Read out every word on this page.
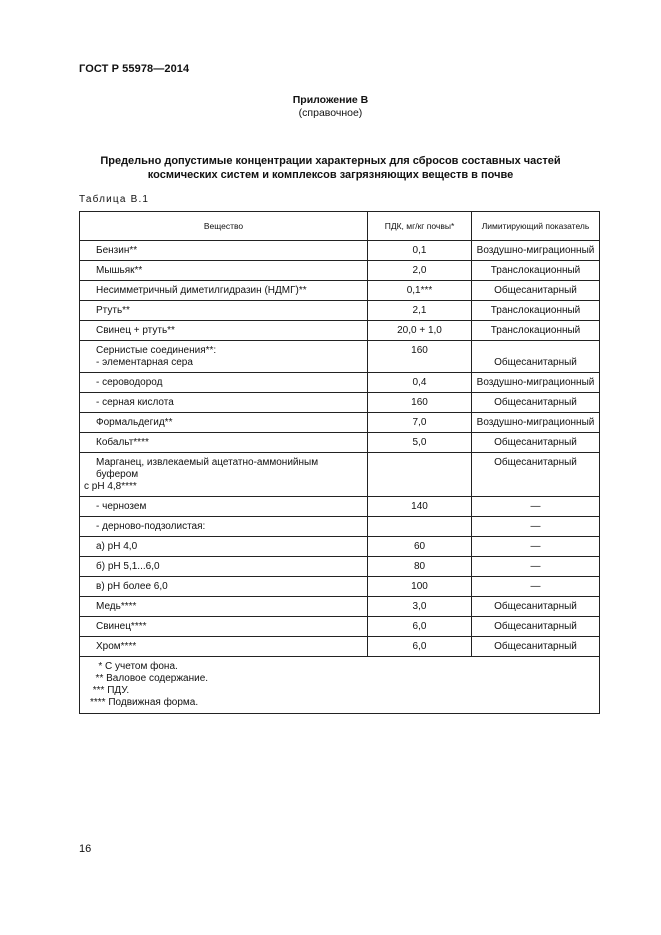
ГОСТ Р 55978—2014
Приложение В
(справочное)
Предельно допустимые концентрации характерных для сбросов составных частей
космических систем и комплексов загрязняющих веществ в почве
Таблица В.1
Вещество	ПДК, мг/кг почвы*	Лимитирующий показатель
Бензин**	0,1	Воздушно-миграционный
Мышьяк**	2,0	Транслокационный
Несимметричный диметилгидразин (НДМГ)**	0,1***	Общесанитарный
Ртуть**	2,1	Транслокационный
Свинец + ртуть**	20,0 + 1,0	Транслокационный

Сернистые соединения**:
- элементарная сера	160	Общесанитарный
- сероводород	0,4	Воздушно-миграционный
- серная кислота	160	Общесанитарный
Формальдегид**	7,0	Воздушно-миграционный
Кобальт****	5,0	Общесанитарный

Марганец, извлекаемый ацетатно-аммонийным буфером
с рН 4,8****		Общесанитарный
- чернозем	140	—
- дерново-подзолистая:		—
а) рН 4,0	60	—
б) рН 5,1...6,0	80	—
в) рН более 6,0	100	—
Медь****	3,0	Общесанитарный
Свинец****	6,0	Общесанитарный
Хром****	6,0	Общесанитарный

* С учетом фона.
** Валовое содержание.
*** ПДУ.
**** Подвижная форма.		
16
